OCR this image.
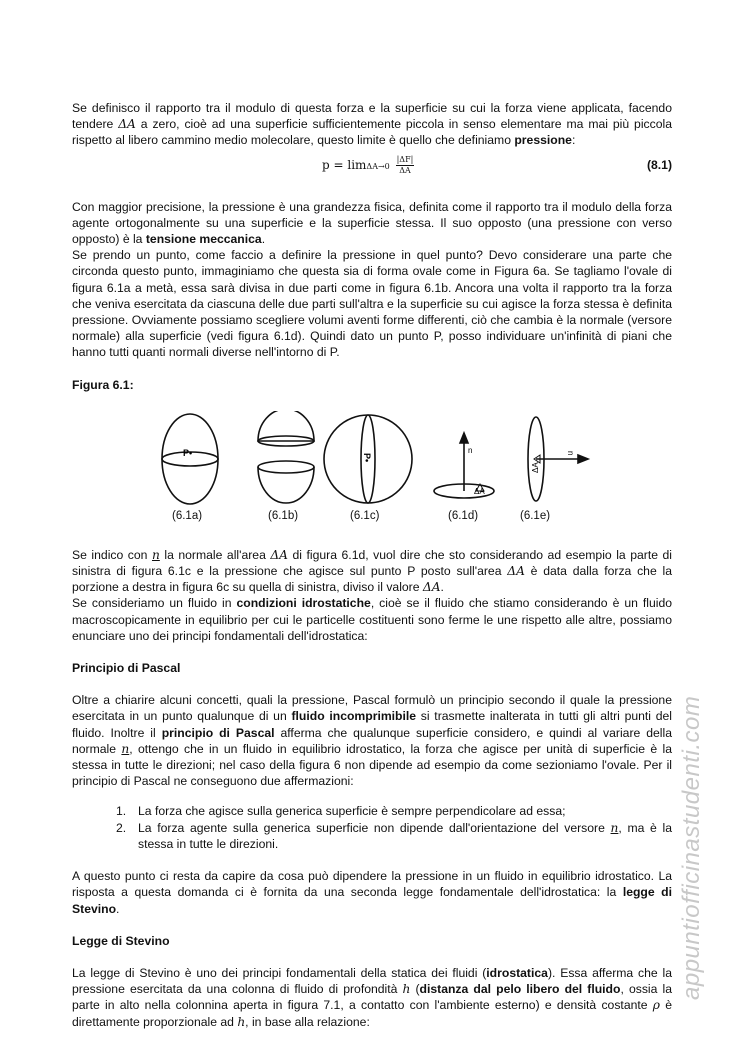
Se definisco il rapporto tra il modulo di questa forza e la superficie su cui la forza viene applicata, facendo tendere ΔA a zero, cioè ad una superficie sufficientemente piccola in senso elementare ma mai più piccola rispetto al libero cammino medio molecolare, questo limite è quello che definiamo pressione:

$p = \lim\Delta A\to 0 \frac{|\Delta F|}{\Delta A}$	(8.1)

Con maggior precisione, la pressione è una grandezza fisica, definita come il rapporto tra il modulo della forza agente ortogonalmente su una superficie e la superficie stessa. Il suo opposto (una pressione con verso opposto) è la tensione meccanica.

Se prendo un punto, come faccio a definire la pressione in quel punto? Devo considerare una parte che circonda questo punto, immaginiamo che questa sia di forma ovale come in Figura 6a. Se tagliamo l'ovale di figura 6.1a a metà, essa sarà divisa in due parti come in figura 6.1b. Ancora una volta il rapporto tra la forza che veniva esercitata da ciascuna delle due parti sull'altra e la superficie su cui agisce la forza stessa è definita pressione. Ovviamente possiamo scegliere volumi aventi forme differenti, ciò che cambia è la normale (versore normale) alla superficie (vedi figura 6.1d). Quindi dato un punto P, posso individuare un'infinità di piani che hanno tutti quanti normali diverse nell'intorno di P.

Figura 6.1:
P•	P•
n
ΔA
n
ΔA
(6.1a)	(6.1b)	(6.1c)	(6.1d)	(6.1e)

Se indico con n la normale all'area ΔA di figura 6.1d, vuol dire che sto considerando ad esempio la parte di sinistra di figura 6.1c e la pressione che agisce sul punto P posto sull'area ΔA è data dalla forza che la porzione a destra in figura 6c su quella di sinistra, diviso il valore ΔA.

Se consideriamo un fluido in condizioni idrostatiche, cioè se il fluido che stiamo considerando è un fluido macroscopicamente in equilibrio per cui le particelle costituenti sono ferme le une rispetto alle altre, possiamo enunciare uno dei principi fondamentali dell'idrostatica:

Principio di Pascal

Oltre a chiarire alcuni concetti, quali la pressione, Pascal formulò un principio secondo il quale la pressione esercitata in un punto qualunque di un fluido incomprimibile si trasmette inalterata in tutti gli altri punti del fluido. Inoltre il principio di Pascal afferma che qualunque superficie considero, e quindi al variare della normale n, ottengo che in un fluido in equilibrio idrostatico, la forza che agisce per unità di superficie è la stessa in tutte le direzioni; nel caso della figura 6 non dipende ad esempio da come sezioniamo l'ovale. Per il principio di Pascal ne conseguono due affermazioni:

1. La forza che agisce sulla generica superficie è sempre perpendicolare ad essa;
2. La forza agente sulla generica superficie non dipende dall'orientazione del versore n, ma è la stessa in tutte le direzioni.

A questo punto ci resta da capire da cosa può dipendere la pressione in un fluido in equilibrio idrostatico. La risposta a questa domanda ci è fornita da una seconda legge fondamentale dell'idrostatica: la legge di Stevino.

Legge di Stevino

La legge di Stevino è uno dei principi fondamentali della statica dei fluidi (idrostatica). Essa afferma che la pressione esercitata da una colonna di fluido di profondità h (distanza dal pelo libero del fluido, ossia la parte in alto nella colonnina aperta in figura 7.1, a contatto con l'ambiente esterno) e densità costante ρ è direttamente proporzionale ad h, in base alla relazione:

appuntiofficinastudenti.com
